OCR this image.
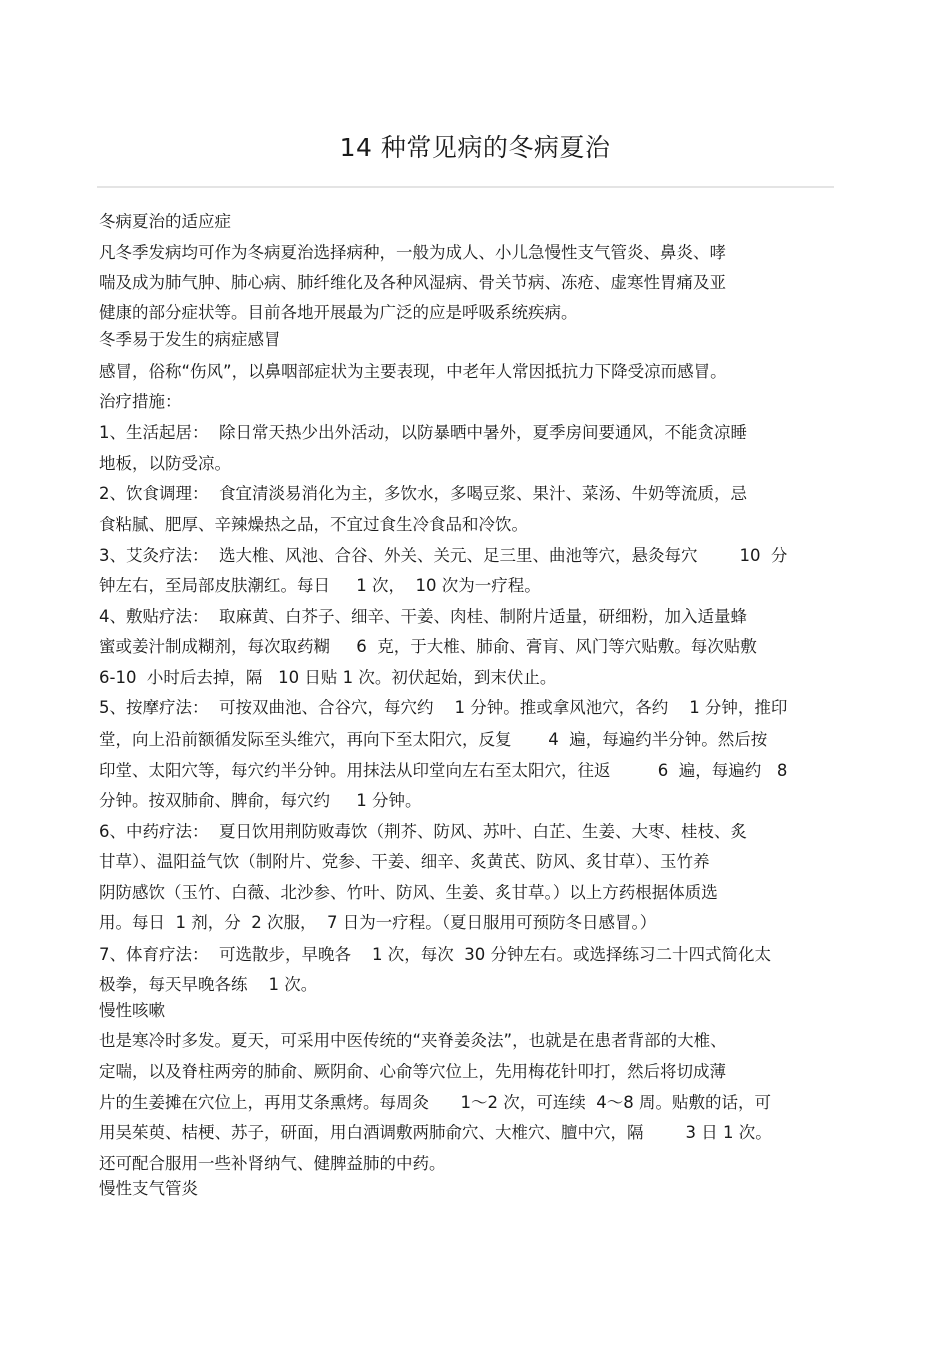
14 种常见病的冬病夏治
冬病夏治的适应症
凡冬季发病均可作为冬病夏治选择病种，一般为成人、小儿急慢性支气管炎、鼻炎、哮
喘及成为肺气肿、肺心病、肺纤维化及各种风湿病、骨关节病、冻疮、虚寒性胃痛及亚
健康的部分症状等。目前各地开展最为广泛的应是呼吸系统疾病。
冬季易于发生的病症感冒
感冒，俗称“伤风”，以鼻咽部症状为主要表现，中老年人常因抵抗力下降受凉而感冒。
治疗措施：
1、生活起居：  除日常天热少出外活动，以防暴晒中暑外，夏季房间要通风，不能贪凉睡
地板，以防受凉。
2、饮食调理：  食宜清淡易消化为主，多饮水，多喝豆浆、果汁、菜汤、牛奶等流质，忌
食粘腻、肥厚、辛辣燥热之品，不宜过食生冷食品和冷饮。
3、艾灸疗法：  选大椎、风池、合谷、外关、关元、足三里、曲池等穴，悬灸每穴        10  分
钟左右，至局部皮肤潮红。每日     1 次，  10 次为一疗程。
4、敷贴疗法：  取麻黄、白芥子、细辛、干姜、肉桂、制附片适量，研细粉，加入适量蜂
蜜或姜汁制成糊剂，每次取药糊     6  克，于大椎、肺俞、膏肓、风门等穴贴敷。每次贴敷
6-10  小时后去掉，隔   10 日贴 1 次。初伏起始，到末伏止。
5、按摩疗法：  可按双曲池、合谷穴，每穴约    1 分钟。推或拿风池穴，各约    1 分钟，推印
堂，向上沿前额循发际至头维穴，再向下至太阳穴，反复       4  遍，每遍约半分钟。然后按
印堂、太阳穴等，每穴约半分钟。用抹法从印堂向左右至太阳穴，往返         6  遍，每遍约   8
分钟。按双肺俞、脾俞，每穴约     1 分钟。
6、中药疗法：  夏日饮用荆防败毒饮（荆芥、防风、苏叶、白芷、生姜、大枣、桂枝、炙
甘草）、温阳益气饮（制附片、党参、干姜、细辛、炙黄芪、防风、炙甘草）、玉竹养
阴防感饮（玉竹、白薇、北沙参、竹叶、防风、生姜、炙甘草。）以上方药根据体质选
用。每日  1 剂，分  2 次服，  7 日为一疗程。（夏日服用可预防冬日感冒。）
7、体育疗法：  可选散步，早晚各    1 次，每次  30 分钟左右。或选择练习二十四式简化太
极拳，每天早晚各练    1 次。
慢性咳嗽
也是寒冷时多发。夏天，可采用中医传统的“夹脊姜灸法”，也就是在患者背部的大椎、
定喘，以及脊柱两旁的肺俞、厥阴俞、心俞等穴位上，先用梅花针叩打，然后将切成薄
片的生姜摊在穴位上，再用艾条熏烤。每周灸      1～2 次，可连续  4～8 周。贴敷的话，可
用吴茱萸、桔梗、苏子，研面，用白酒调敷两肺俞穴、大椎穴、膻中穴，隔        3 日 1 次。
还可配合服用一些补肾纳气、健脾益肺的中药。
慢性支气管炎
